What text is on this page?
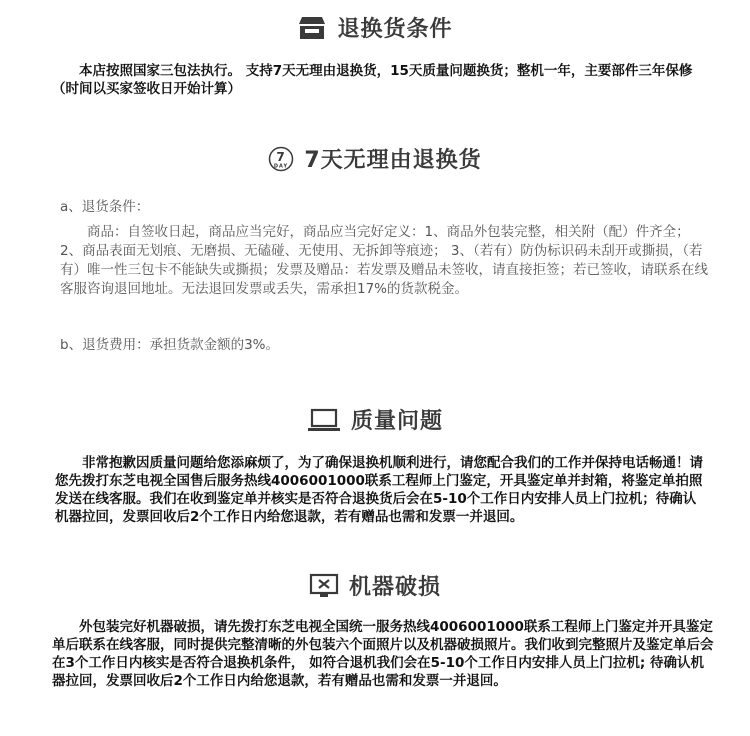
退换货条件

本店按照国家三包法执行。 支持7天无理由退换货，15天质量问题换货；整机一年，主要部件三年保修（时间以买家签收日开始计算）

7
DAY 7天无理由退换货

a、退货条件：

商品：自签收日起，商品应当完好，商品应当完好定义：1、商品外包装完整，相关附（配）件齐全； 2、商品表面无划痕、无磨损、无磕碰、无使用、无拆卸等痕迹； 3、（若有）防伪标识码未刮开或撕损，（若有）唯一性三包卡不能缺失或撕损；发票及赠品：若发票及赠品未签收，请直接拒签；若已签收，请联系在线客服咨询退回地址。无法退回发票或丢失，需承担17%的货款税金。

b、退货费用：承担货款金额的3%。

质量问题

非常抱歉因质量问题给您添麻烦了，为了确保退换机顺利进行，请您配合我们的工作并保持电话畅通！请您先拨打东芝电视全国售后服务热线4006001000联系工程师上门鉴定，开具鉴定单并封箱，将鉴定单拍照发送在线客服。我们在收到鉴定单并核实是否符合退换货后会在5-10个工作日内安排人员上门拉机；待确认机器拉回，发票回收后2个工作日内给您退款，若有赠品也需和发票一并退回。

机器破损

外包装完好机器破损，请先拨打东芝电视全国统一服务热线4006001000联系工程师上门鉴定并开具鉴定单后联系在线客服，同时提供完整清晰的外包装六个面照片以及机器破损照片。我们收到完整照片及鉴定单后会在3个工作日内核实是否符合退换机条件， 如符合退机我们会在5-10个工作日内安排人员上门拉机; 待确认机器拉回，发票回收后2个工作日内给您退款，若有赠品也需和发票一并退回。
